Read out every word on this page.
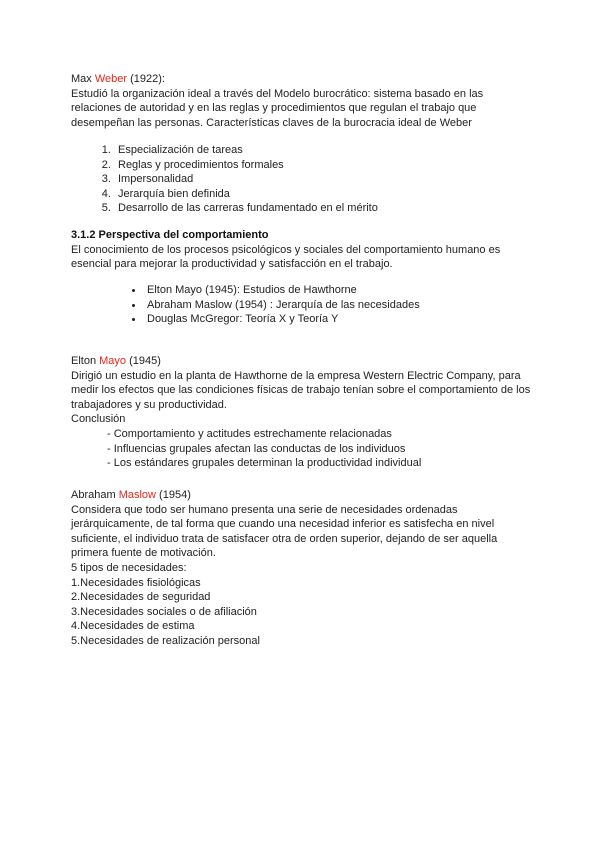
Max Weber (1922):

Estudió la organización ideal a través del Modelo burocrático: sistema basado en las relaciones de autoridad y en las reglas y procedimientos que regulan el trabajo que desempeñan las personas. Características claves de la burocracia ideal de Weber

1. Especialización de tareas
2. Reglas y procedimientos formales
3. Impersonalidad
4. Jerarquía bien definida
5. Desarrollo de las carreras fundamentado en el mérito

3.1.2 Perspectiva del comportamiento

El conocimiento de los procesos psicológicos y sociales del comportamiento humano es esencial para mejorar la productividad y satisfacción en el trabajo.

• Elton Mayo (1945): Estudios de Hawthorne
• Abraham Maslow (1954) : Jerarquía de las necesidades
• Douglas McGregor: Teoría X y Teoría Y

Elton Mayo (1945)

Dirigió un estudio en la planta de Hawthorne de la empresa Western Electric Company, para medir los efectos que las condiciones físicas de trabajo tenían sobre el comportamiento de los trabajadores y su productividad.

Conclusión

- Comportamiento y actitudes estrechamente relacionadas

- Influencias grupales afectan las conductas de los individuos

- Los estándares grupales determinan la productividad individual

Abraham Maslow (1954)

Considera que todo ser humano presenta una serie de necesidades ordenadas jerárquicamente, de tal forma que cuando una necesidad inferior es satisfecha en nivel suficiente, el individuo trata de satisfacer otra de orden superior, dejando de ser aquella primera fuente de motivación.

5 tipos de necesidades:

1.Necesidades fisiológicas

2.Necesidades de seguridad

3.Necesidades sociales o de afiliación

4.Necesidades de estima

5.Necesidades de realización personal
